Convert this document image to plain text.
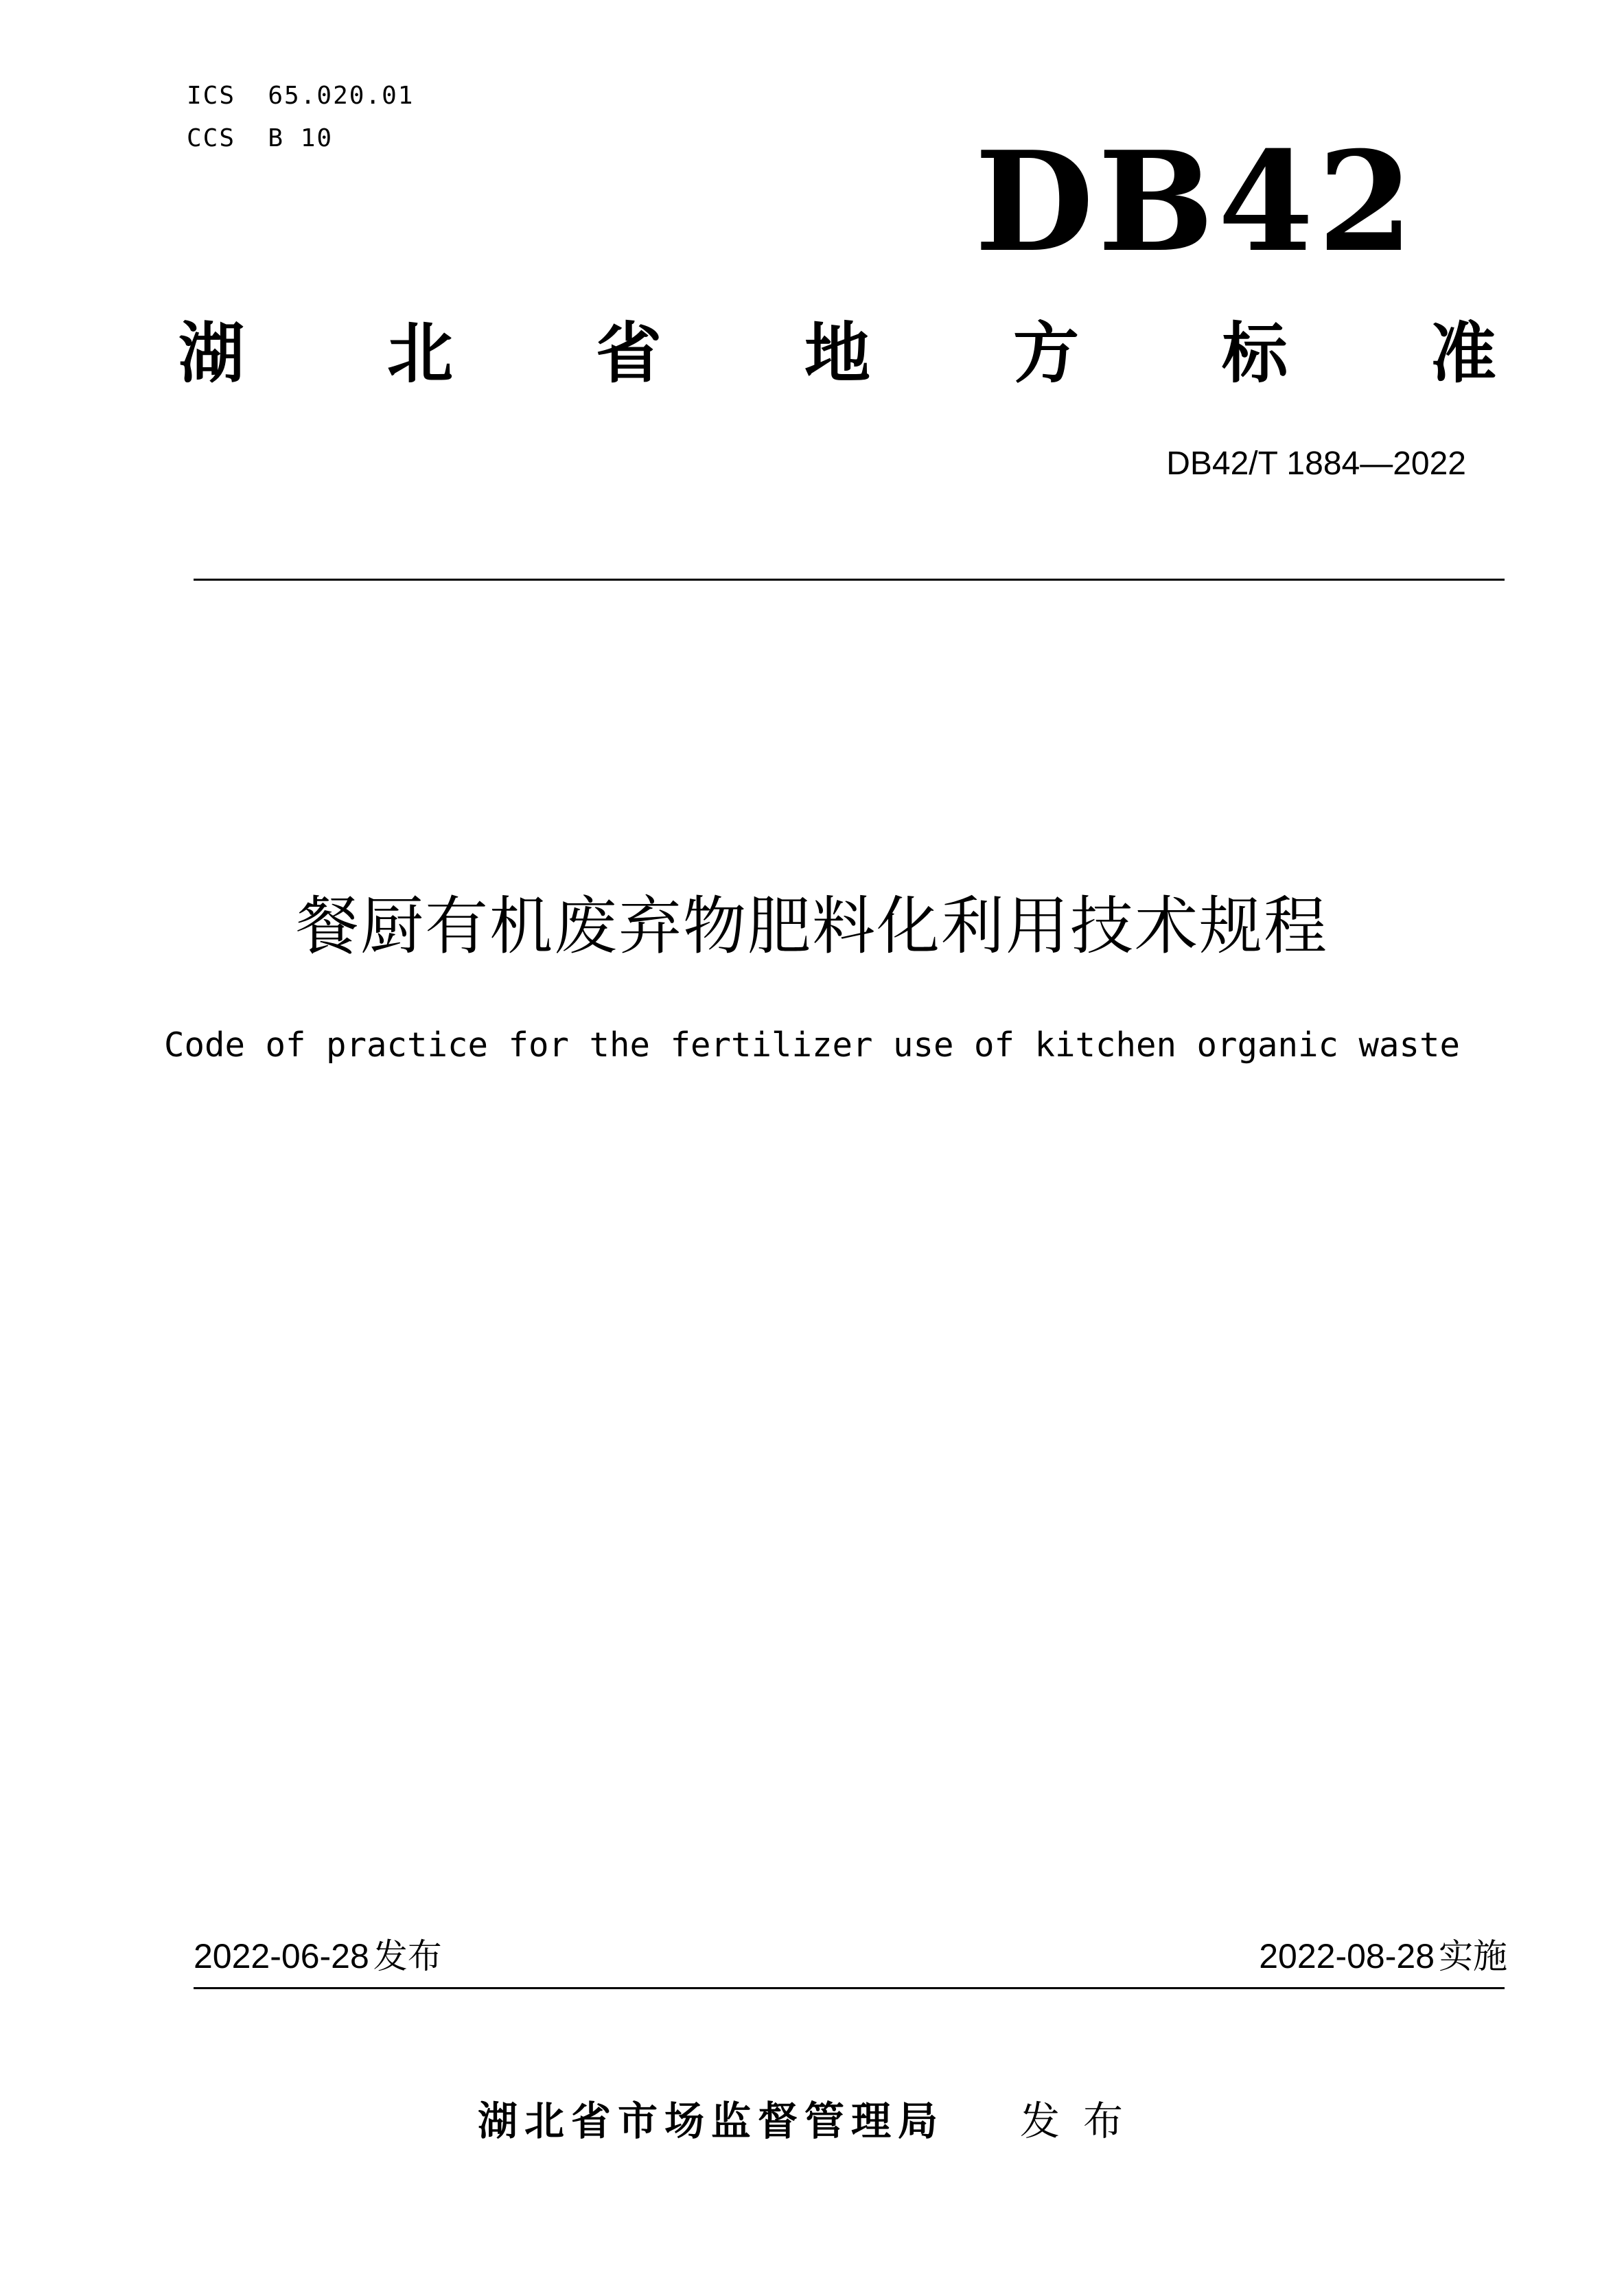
ICS  65.020.01
CCS  B 10	DB42
湖 北 省 地 方 标 准
DB42/T 1884—2022
餐厨有机废弃物肥料化利用技术规程
Code of practice for the fertilizer use of kitchen organic waste
2022-06-28 发布	2022-08-28 实施
湖北省市场监督管理局 发布
